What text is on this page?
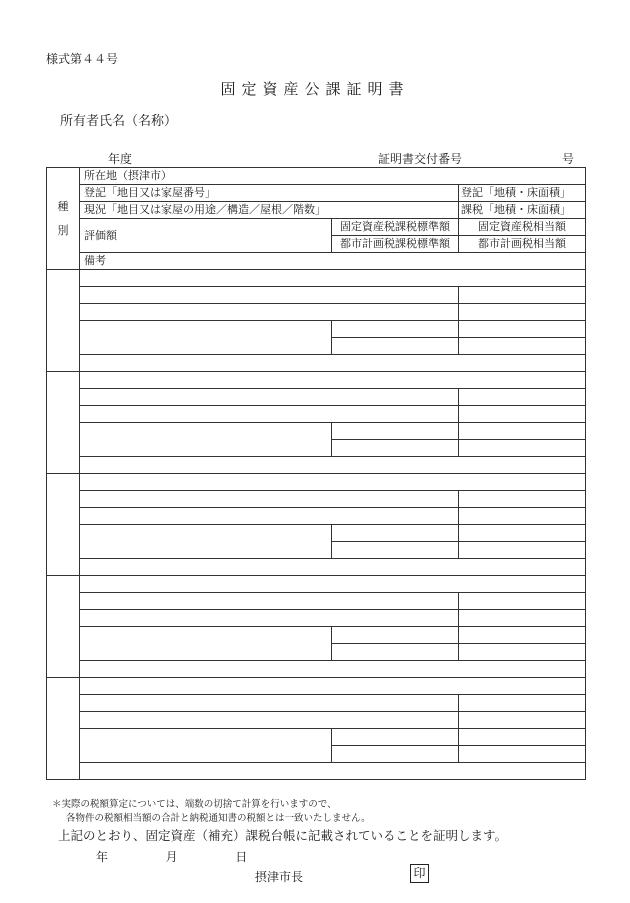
様式第４４号
固定資産公課証明書
所有者氏名（名称）
年度	証明書交付番号	号
種
別	所在地（摂津市）		
	登記「地目又は家屋番号」		登記「地積・床面積」
	現況「地目又は家屋の用途／構造／屋根／階数」		課税「地積・床面積」
	評価額	固定資産税課税標準額	固定資産税相当額
		都市計画税課税標準額	都市計画税相当額
	備考		

＊実際の税額算定については、端数の切捨て計算を行いますので、
各物件の税額相当額の合計と納税通知書の税額とは一致いたしません。
上記のとおり、固定資産（補充）課税台帳に記載されていることを証明します。
年	月	日
摂津市長	印
